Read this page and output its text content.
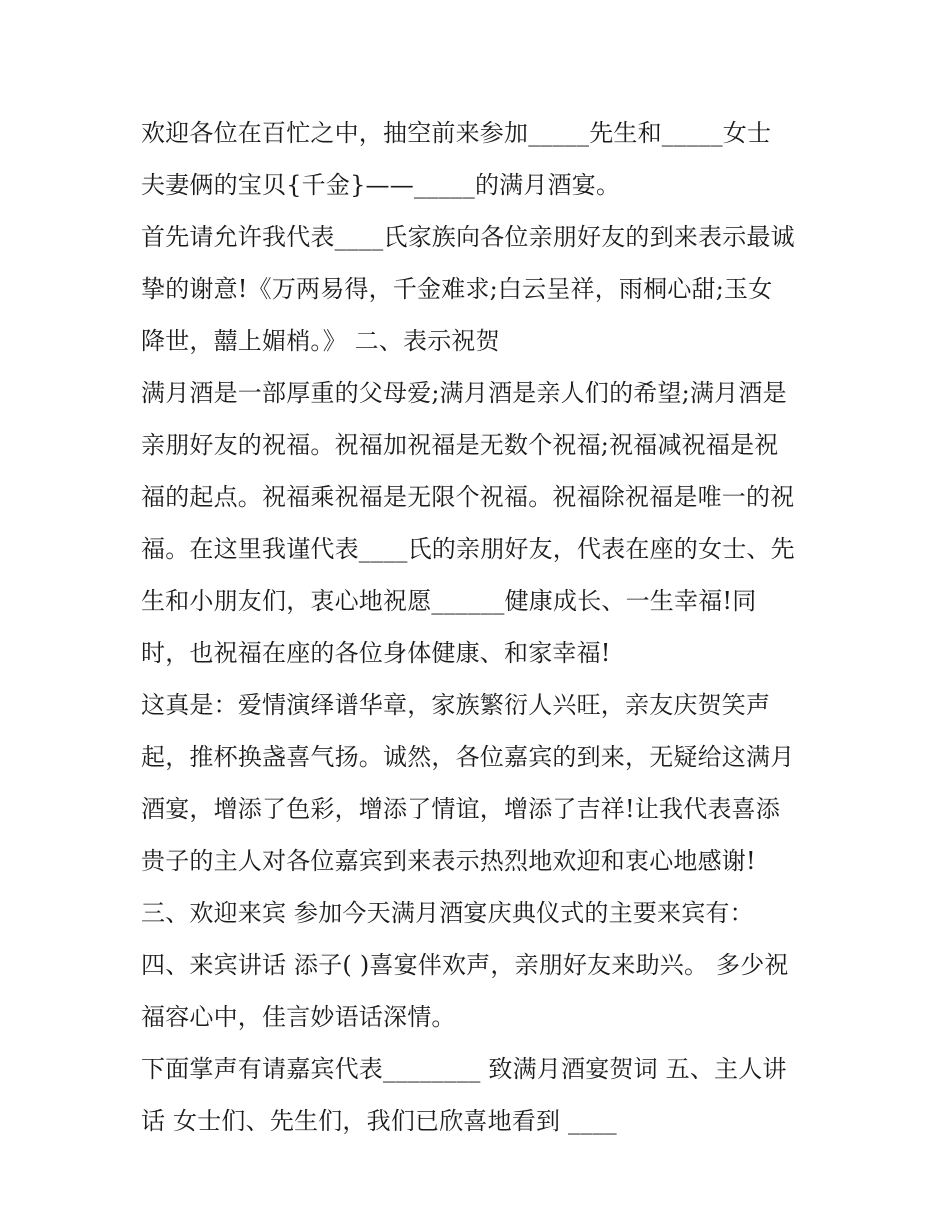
欢迎各位在百忙之中，抽空前来参加_____先生和_____女士
夫妻俩的宝贝{千金}——_____的满月酒宴。
首先请允许我代表____氏家族向各位亲朋好友的到来表示最诚
挚的谢意!《万两易得，千金难求;白云呈祥，雨桐心甜;玉女
降世，囍上媚梢。》 二、表示祝贺
满月酒是一部厚重的父母爱;满月酒是亲人们的希望;满月酒是
亲朋好友的祝福。祝福加祝福是无数个祝福;祝福减祝福是祝
福的起点。祝福乘祝福是无限个祝福。祝福除祝福是唯一的祝
福。在这里我谨代表____氏的亲朋好友，代表在座的女士、先
生和小朋友们，衷心地祝愿______健康成长、一生幸福!同
时，也祝福在座的各位身体健康、和家幸福!
这真是：爱情演绎谱华章，家族繁衍人兴旺，亲友庆贺笑声
起，推杯换盏喜气扬。诚然，各位嘉宾的到来，无疑给这满月
酒宴，增添了色彩，增添了情谊，增添了吉祥!让我代表喜添
贵子的主人对各位嘉宾到来表示热烈地欢迎和衷心地感谢!
三、欢迎来宾 参加今天满月酒宴庆典仪式的主要来宾有：
四、来宾讲话 添子( )喜宴伴欢声，亲朋好友来助兴。 多少祝
福容心中，佳言妙语话深情。
下面掌声有请嘉宾代表________ 致满月酒宴贺词 五、主人讲
话 女士们、先生们，我们已欣喜地看到 ____
